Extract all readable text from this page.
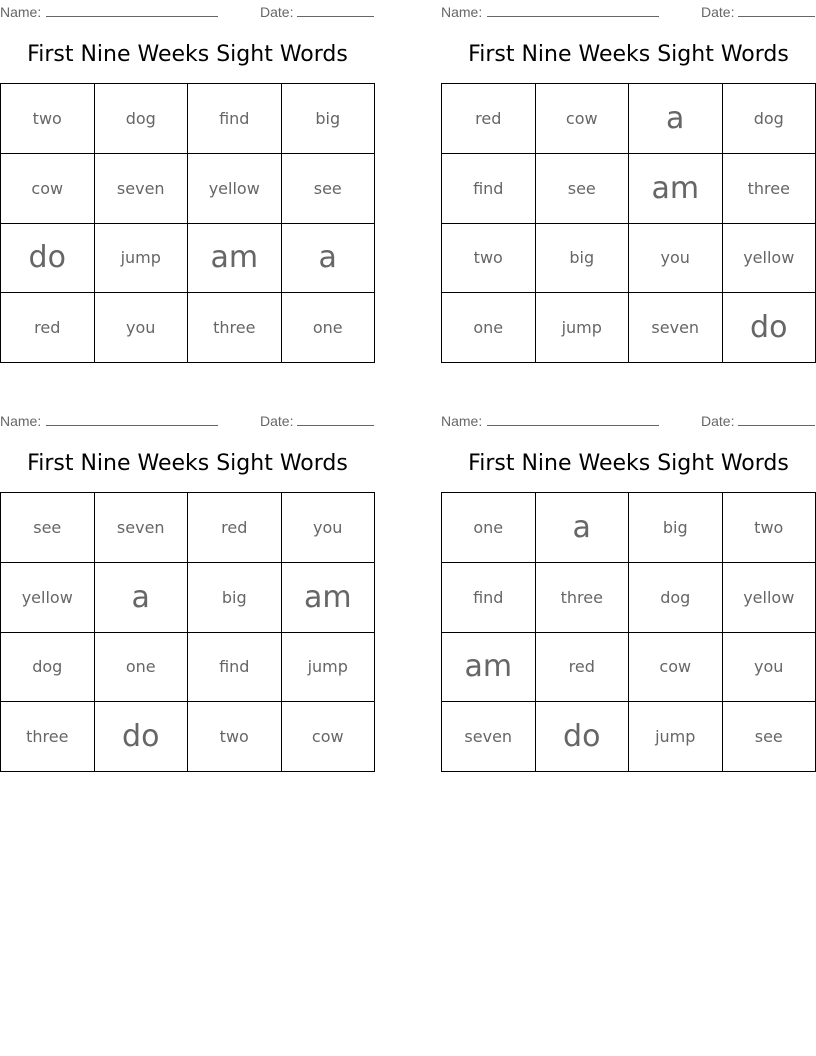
Name:	Date:
First Nine Weeks Sight Words
two	dog	find	big
cow	seven	yellow	see
do	jump	am	a
red	you	three	one
Name:	Date:
First Nine Weeks Sight Words
red	cow	a	dog
find	see	am	three
two	big	you	yellow
one	jump	seven	do
Name:	Date:
First Nine Weeks Sight Words
see	seven	red	you
yellow	a	big	am
dog	one	find	jump
three	do	two	cow
Name:	Date:
First Nine Weeks Sight Words
one	a	big	two
find	three	dog	yellow
am	red	cow	you
seven	do	jump	see
